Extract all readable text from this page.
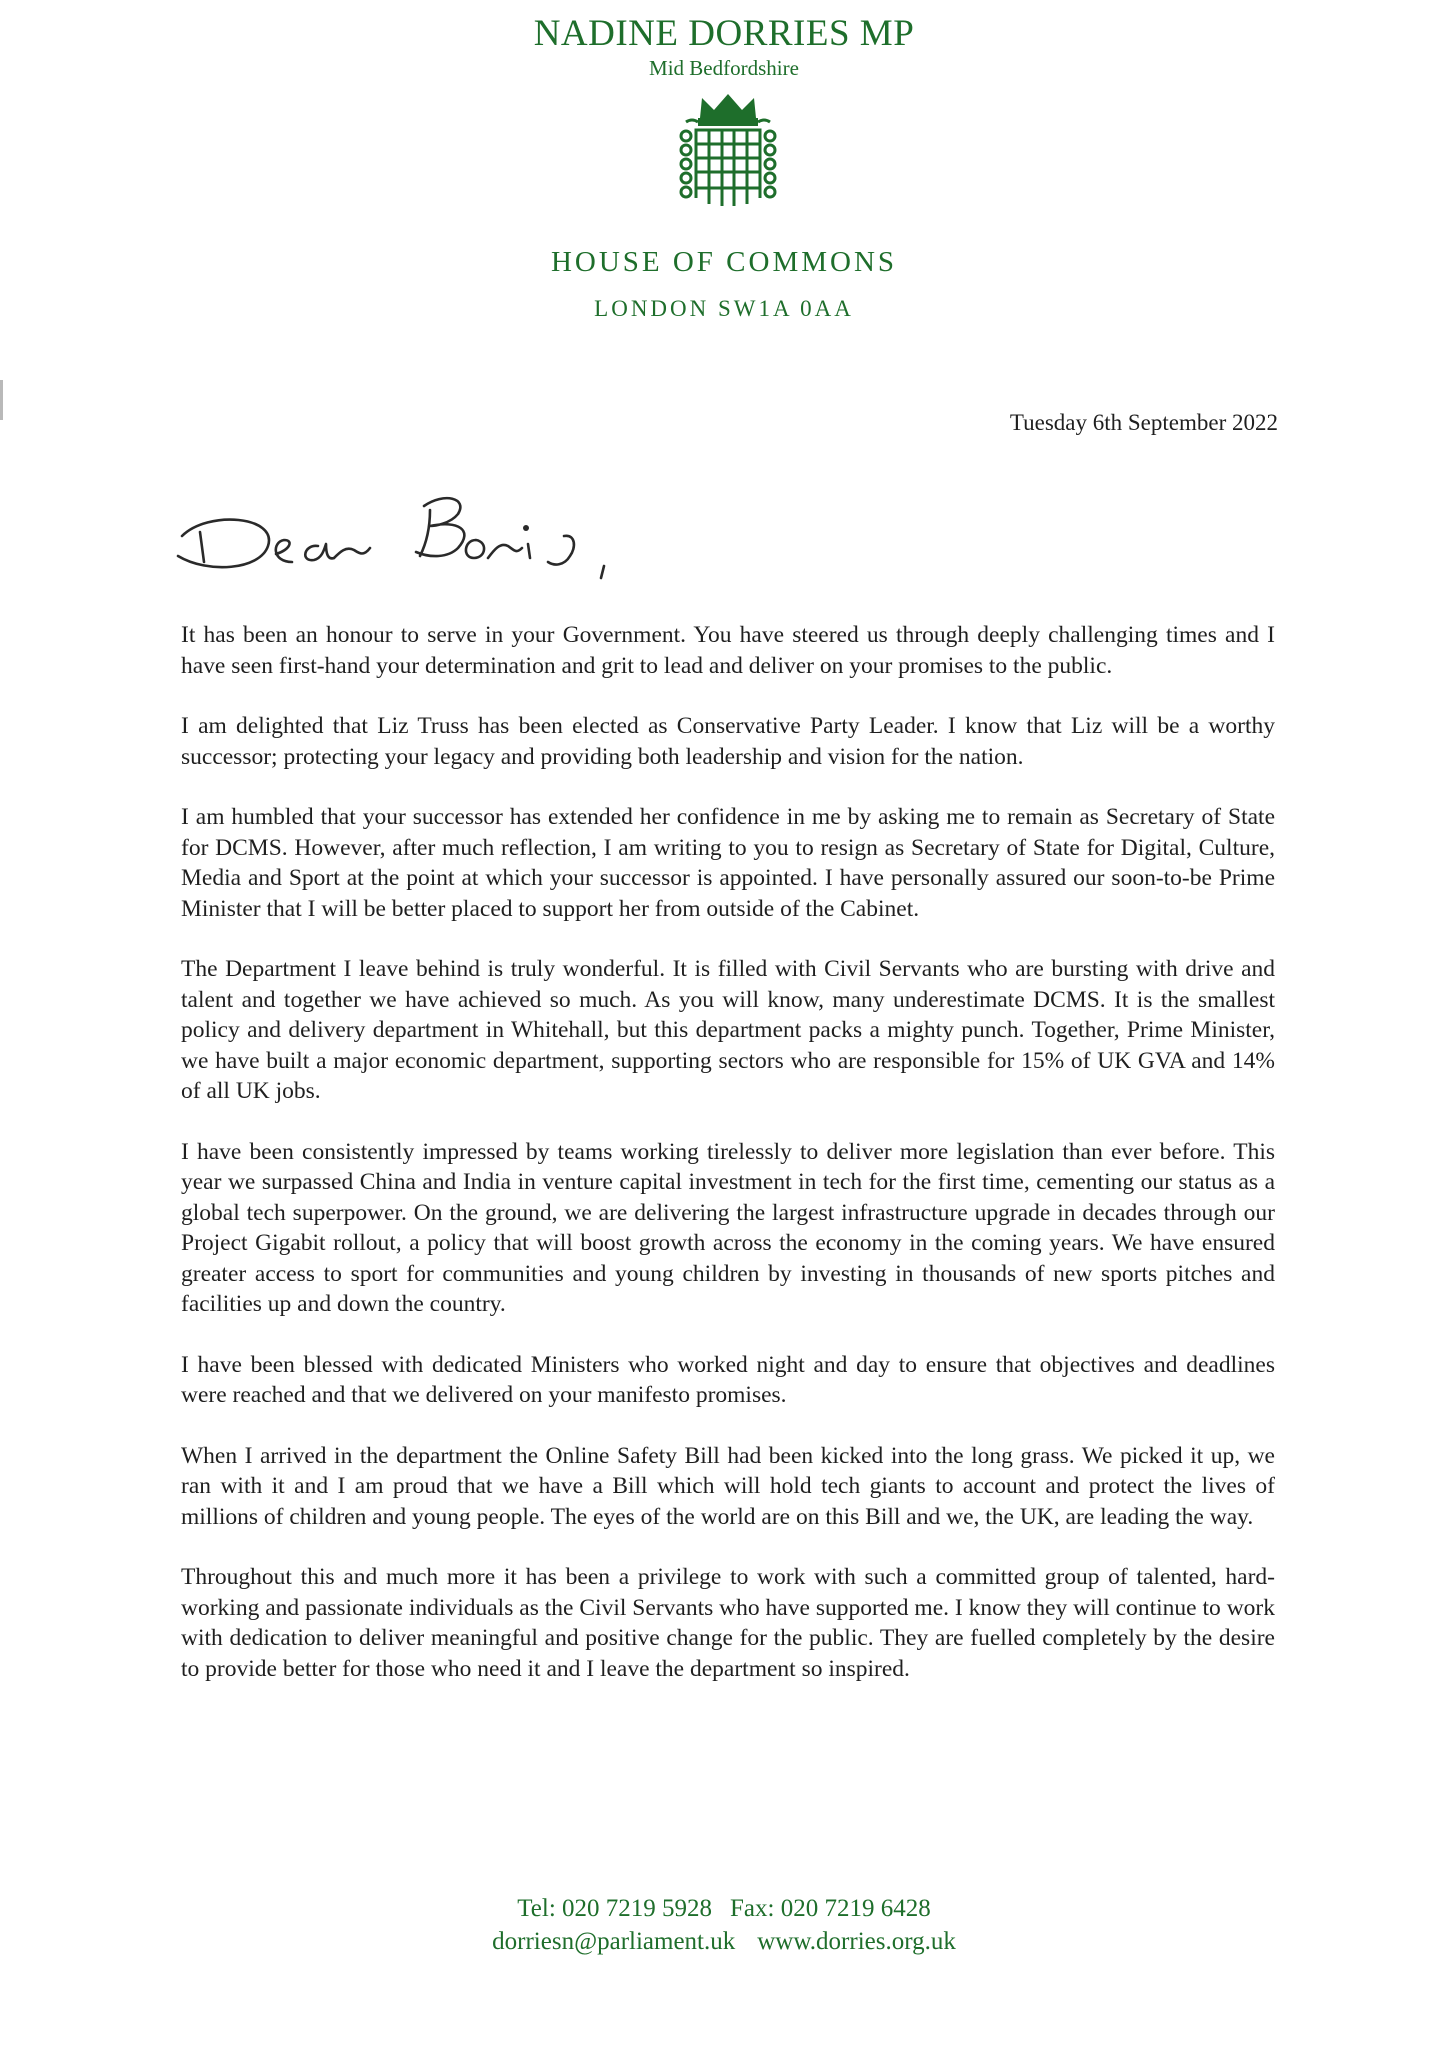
NADINE DORRIES MP
Mid Bedfordshire
HOUSE OF COMMONS
LONDON SW1A 0AA
Tuesday 6th September 2022

It has been an honour to serve in your Government. You have steered us through deeply challenging times and I have seen first-hand your determination and grit to lead and deliver on your promises to the public.

I am delighted that Liz Truss has been elected as Conservative Party Leader. I know that Liz will be a worthy successor; protecting your legacy and providing both leadership and vision for the nation.

I am humbled that your successor has extended her confidence in me by asking me to remain as Secretary of State for DCMS. However, after much reflection, I am writing to you to resign as Secretary of State for Digital, Culture, Media and Sport at the point at which your successor is appointed. I have personally assured our soon-to-be Prime Minister that I will be better placed to support her from outside of the Cabinet.

The Department I leave behind is truly wonderful. It is filled with Civil Servants who are bursting with drive and talent and together we have achieved so much. As you will know, many underestimate DCMS. It is the smallest policy and delivery department in Whitehall, but this department packs a mighty punch. Together, Prime Minister, we have built a major economic department, supporting sectors who are responsible for 15% of UK GVA and 14% of all UK jobs.

I have been consistently impressed by teams working tirelessly to deliver more legislation than ever before. This year we surpassed China and India in venture capital investment in tech for the first time, cementing our status as a global tech superpower. On the ground, we are delivering the largest infrastructure upgrade in decades through our Project Gigabit rollout, a policy that will boost growth across the economy in the coming years. We have ensured greater access to sport for communities and young children by investing in thousands of new sports pitches and facilities up and down the country.

I have been blessed with dedicated Ministers who worked night and day to ensure that objectives and deadlines were reached and that we delivered on your manifesto promises.

When I arrived in the department the Online Safety Bill had been kicked into the long grass. We picked it up, we ran with it and I am proud that we have a Bill which will hold tech giants to account and protect the lives of millions of children and young people. The eyes of the world are on this Bill and we, the UK, are leading the way.

Throughout this and much more it has been a privilege to work with such a committed group of talented, hard-working and passionate individuals as the Civil Servants who have supported me. I know they will continue to work with dedication to deliver meaningful and positive change for the public. They are fuelled completely by the desire to provide better for those who need it and I leave the department so inspired.

Tel: 020 7219 5928 Fax: 020 7219 6428
dorriesn@parliament.uk www.dorries.org.uk
